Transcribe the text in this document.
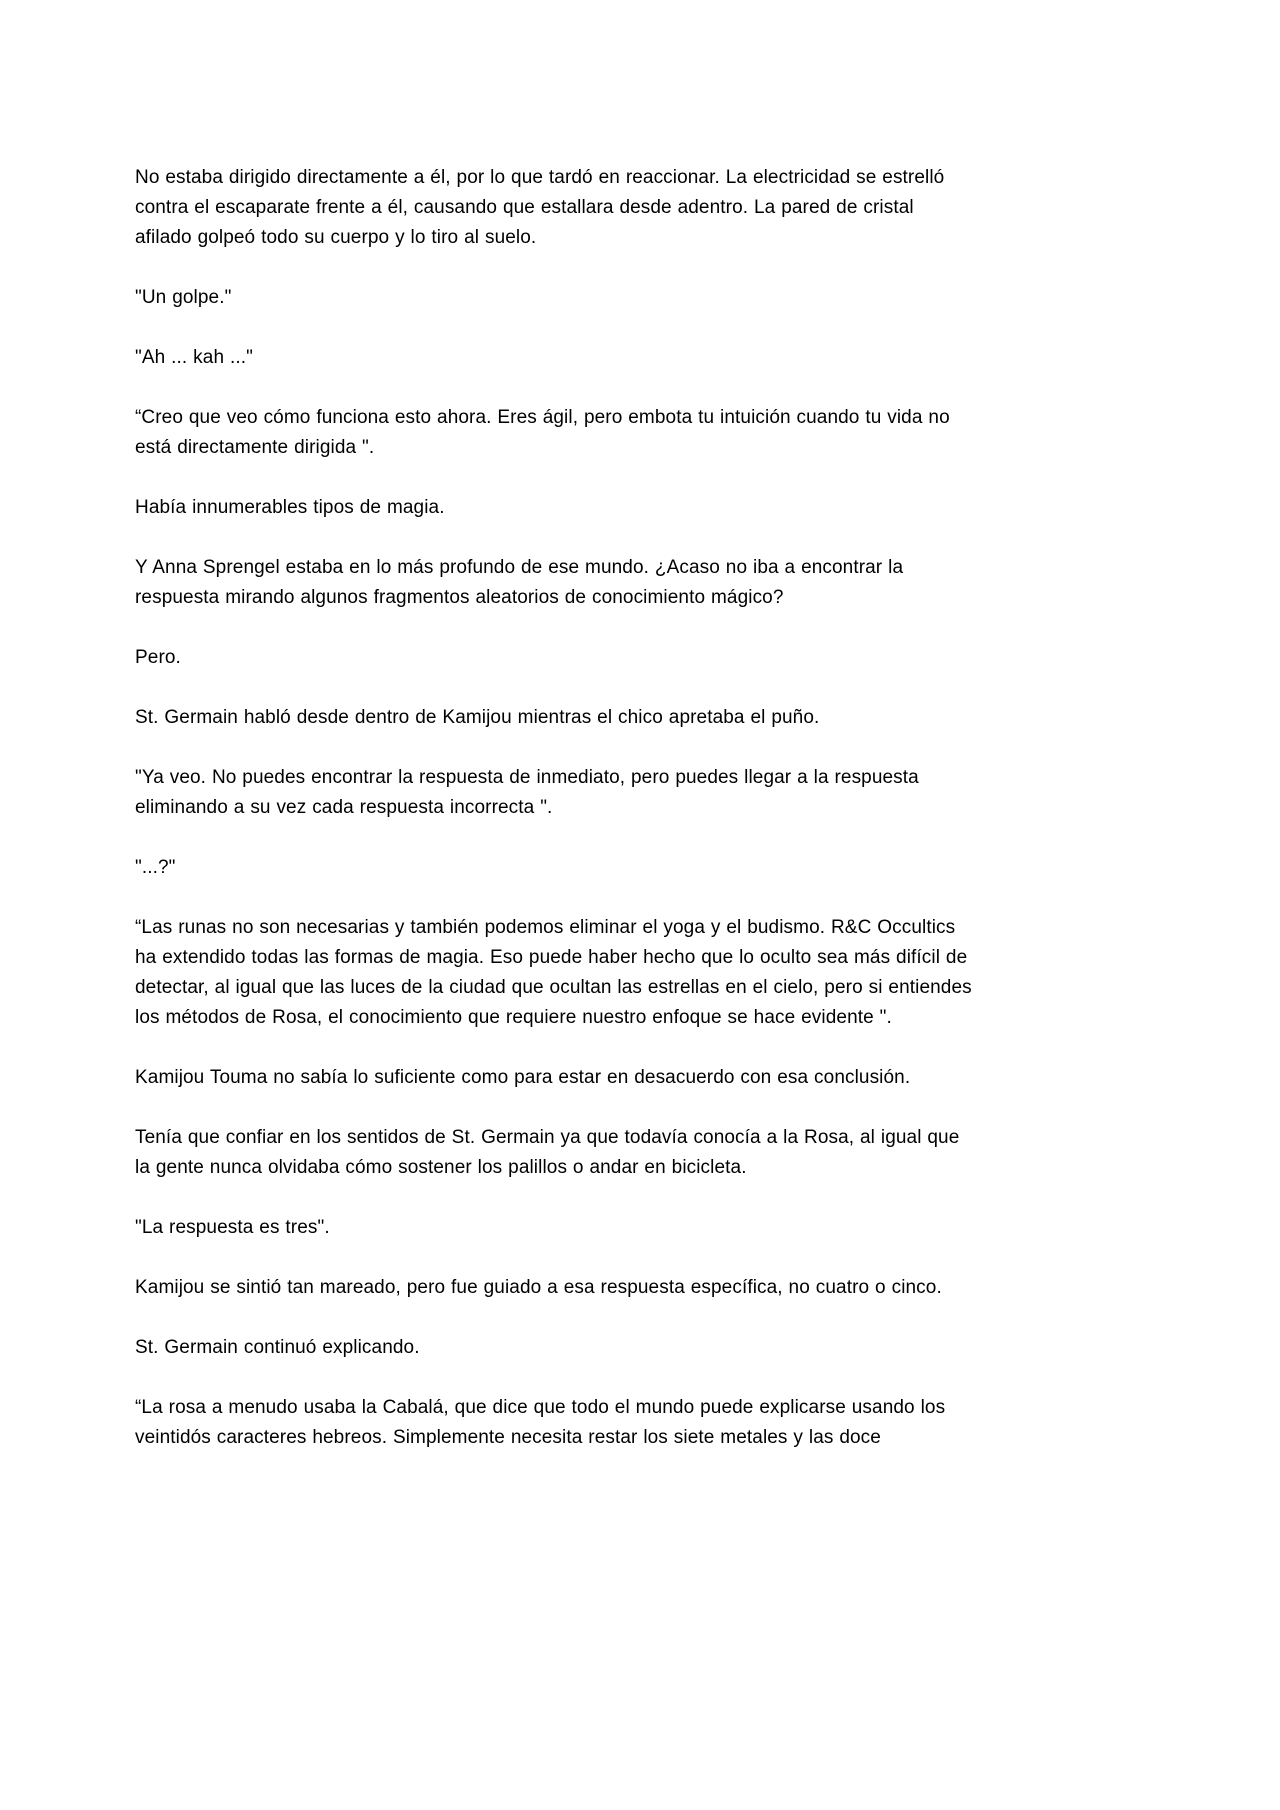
No estaba dirigido directamente a él, por lo que tardó en reaccionar. La electricidad se estrelló contra el escaparate frente a él, causando que estallara desde adentro. La pared de cristal afilado golpeó todo su cuerpo y lo tiro al suelo.

"Un golpe."

"Ah ... kah ..."

“Creo que veo cómo funciona esto ahora. Eres ágil, pero embota tu intuición cuando tu vida no está directamente dirigida ".

Había innumerables tipos de magia.

Y Anna Sprengel estaba en lo más profundo de ese mundo. ¿Acaso no iba a encontrar la respuesta mirando algunos fragmentos aleatorios de conocimiento mágico?

Pero.

St. Germain habló desde dentro de Kamijou mientras el chico apretaba el puño.

"Ya veo. No puedes encontrar la respuesta de inmediato, pero puedes llegar a la respuesta eliminando a su vez cada respuesta incorrecta ".

"...?"

“Las runas no son necesarias y también podemos eliminar el yoga y el budismo. R&C Occultics ha extendido todas las formas de magia. Eso puede haber hecho que lo oculto sea más difícil de detectar, al igual que las luces de la ciudad que ocultan las estrellas en el cielo, pero si entiendes los métodos de Rosa, el conocimiento que requiere nuestro enfoque se hace evidente ".

Kamijou Touma no sabía lo suficiente como para estar en desacuerdo con esa conclusión.

Tenía que confiar en los sentidos de St. Germain ya que todavía conocía a la Rosa, al igual que la gente nunca olvidaba cómo sostener los palillos o andar en bicicleta.

"La respuesta es tres".

Kamijou se sintió tan mareado, pero fue guiado a esa respuesta específica, no cuatro o cinco.

St. Germain continuó explicando.

“La rosa a menudo usaba la Cabalá, que dice que todo el mundo puede explicarse usando los veintidós caracteres hebreos. Simplemente necesita restar los siete metales y las doce
